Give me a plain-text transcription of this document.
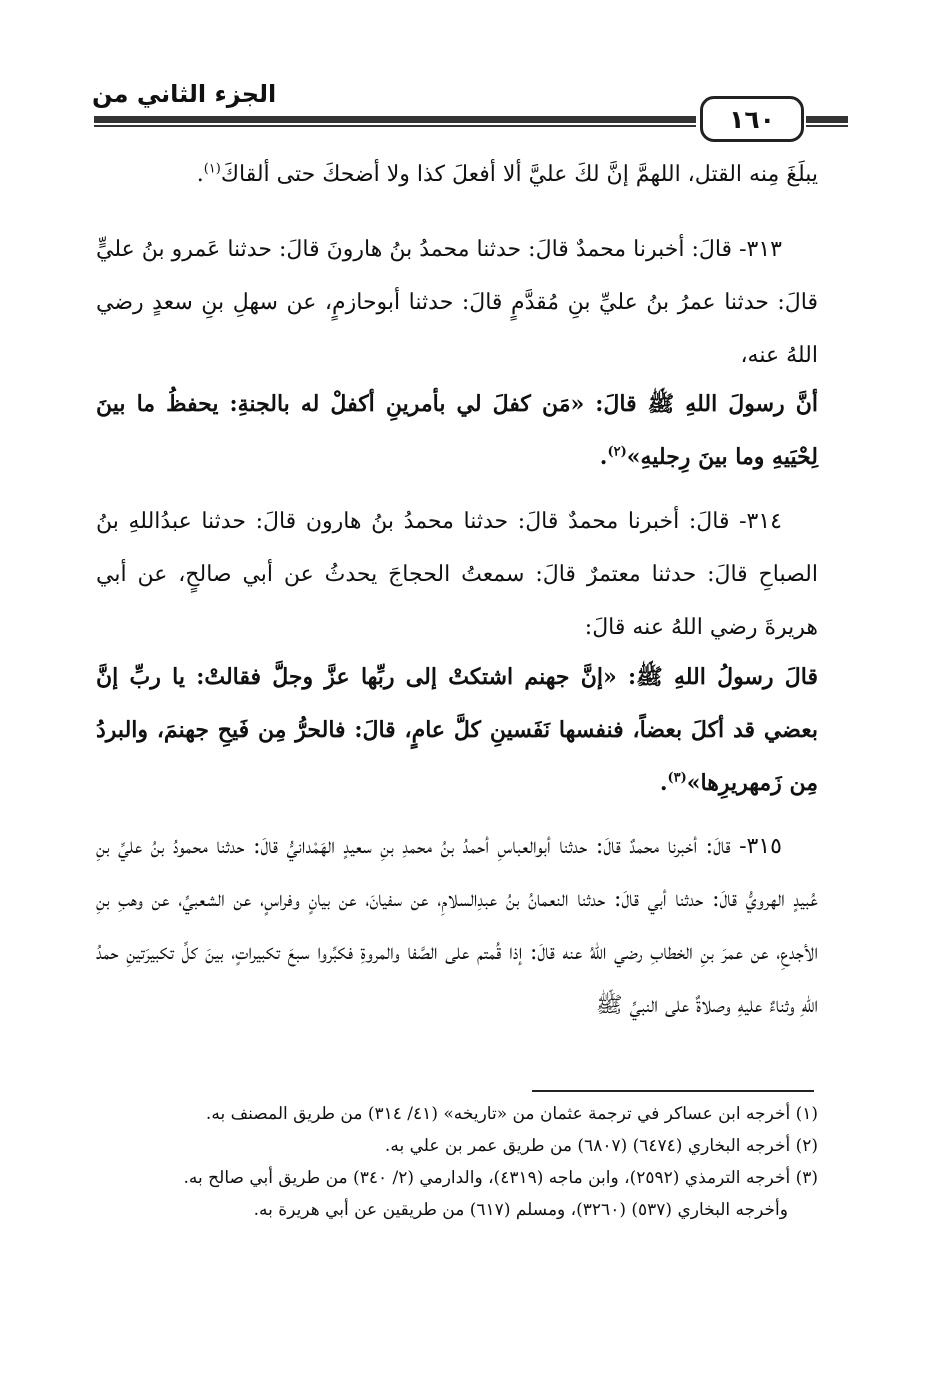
الجزء الثاني من
١٦٠
يبلَغَ مِنه القتل، اللهمَّ إنَّ لكَ عليَّ ألا أفعلَ كذا ولا أضحكَ حتى ألقاكَ$^{(١)}$.
٣١٣- قالَ: أخبرنا محمدٌ قالَ: حدثنا محمدُ بنُ هارونَ قالَ: حدثنا عَمرو بنُ عليٍّ قالَ: حدثنا عمرُ بنُ عليِّ بنِ مُقدَّمٍ قالَ: حدثنا أبوحازمٍ، عن سهلِ بنِ سعدٍ رضي اللهُ عنه،
أنَّ رسولَ اللهِ ﷺ قالَ: «مَن كفلَ لي بأمرينِ أكفلْ له بالجنةِ: يحفظُ ما بينَ لِحْيَيهِ وما بينَ رِجليهِ»$^{(٢)}$.
٣١٤- قالَ: أخبرنا محمدٌ قالَ: حدثنا محمدُ بنُ هارون قالَ: حدثنا عبدُاللهِ بنُ الصباحِ قالَ: حدثنا معتمرٌ قالَ: سمعتُ الحجاجَ يحدثُ عن أبي صالحٍ، عن أبي هريرةَ رضي اللهُ عنه قالَ:
قالَ رسولُ اللهِ ﷺ: «إنَّ جهنم اشتكتْ إلى ربِّها عزَّ وجلَّ فقالتْ: يا ربِّ إنَّ بعضي قد أكلَ بعضاً، فنفسها نَفَسينِ كلَّ عامٍ، قالَ: فالحرُّ مِن فَيحِ جهنمَ، والبردُ مِن زَمهريرِها»$^{(٣)}$.
٣١٥- قالَ: أخبرنا محمدٌ قالَ: حدثنا أبوالعباسِ أحمدُ بنُ محمدِ بنِ سعيدٍ الهَمْدانيُّ قالَ: حدثنا محمودُ بنُ عليِّ بنِ عُبيدٍ الهرويُّ قالَ: حدثنا أبي قالَ: حدثنا النعمانُ بنُ عبدِالسلامِ، عن سفيانَ، عن بيانٍ وفراسٍ، عن الشعبيِّ، عن وهبِ بنِ الأجدعِ، عن عمرَ بنِ الخطابِ رضي اللهُ عنه قالَ: إذا قُمتم على الصَّفا والمروةِ فكبِّروا سبعَ تكبيراتٍ، بينَ كلِّ تكبيرَتينِ حمدُ اللهِ وثناءٌ عليهِ وصلاةٌ على النبيِّ ﷺ
(١) أخرجه ابن عساكر في ترجمة عثمان من «تاريخه» (٤١/ ٣١٤) من طريق المصنف به.
(٢) أخرجه البخاري (٦٤٧٤) (٦٨٠٧) من طريق عمر بن علي به.
(٣) أخرجه الترمذي (٢٥٩٢)، وابن ماجه (٤٣١٩)، والدارمي (٢/ ٣٤٠) من طريق أبي صالح به.
وأخرجه البخاري (٥٣٧) (٣٢٦٠)، ومسلم (٦١٧) من طريقين عن أبي هريرة به.
